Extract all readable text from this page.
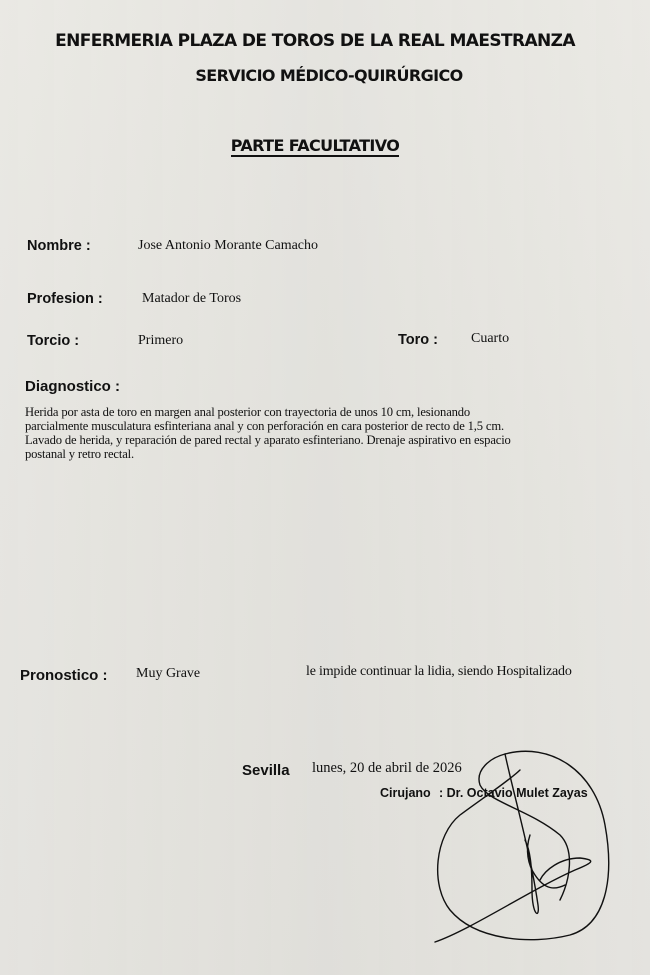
ENFERMERIA PLAZA DE TOROS DE LA REAL MAESTRANZA
SERVICIO MÉDICO-QUIRÚRGICO
PARTE FACULTATIVO
Nombre :	Jose Antonio Morante Camacho
Profesion :	Matador de Toros
Torcio :	Primero	Toro : Cuarto
Diagnostico :
Herida por asta de toro en margen anal posterior con trayectoria de unos 10 cm, lesionando
parcialmente musculatura esfinteriana anal y con perforación en cara posterior de recto de 1,5 cm.
Lavado de herida, y reparación de pared rectal y aparato esfinteriano. Drenaje aspirativo en espacio
postanal y retro rectal.
Pronostico : Muy Grave	le impide continuar la lidia, siendo Hospitalizado
Sevilla lunes, 20 de abril de 2026
Cirujano : Dr. Octavio Mulet Zayas
